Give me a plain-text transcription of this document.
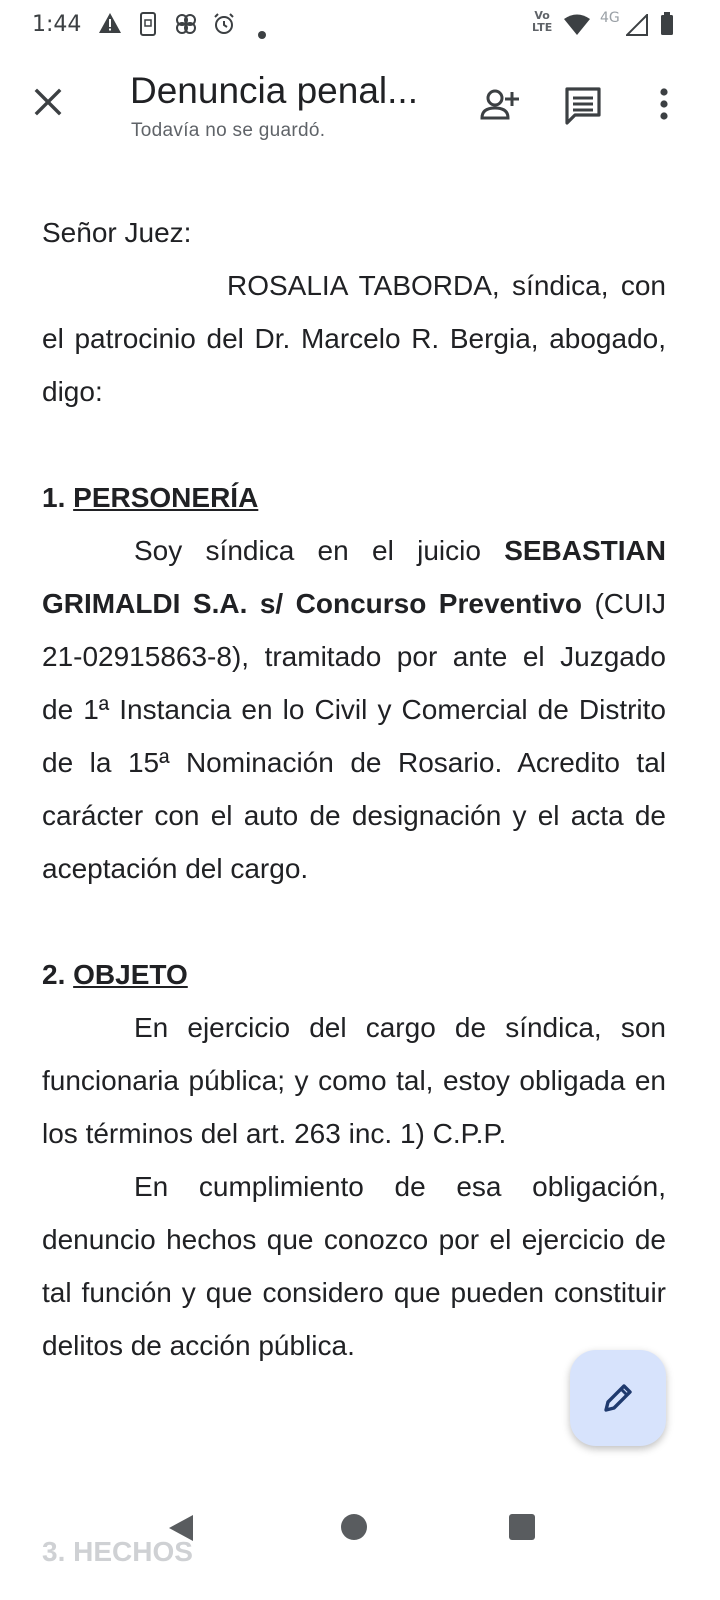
1:44	Vo
LTE
4G
Denuncia penal...
Todavía no se guardó.

Señor Juez:

ROSALIA TABORDA, síndica, con el patrocinio del Dr. Marcelo R. Bergia, abogado, digo:

1. PERSONERÍA

Soy síndica en el juicio SEBASTIAN GRIMALDI S.A. s/ Concurso Preventivo (CUIJ 21-02915863-8), tramitado por ante el Juzgado de 1ª Instancia en lo Civil y Comercial de Distrito de la 15ª Nominación de Rosario. Acredito tal carácter con el auto de designación y el acta de aceptación del cargo.

2. OBJETO

En ejercicio del cargo de síndica, son funcionaria pública; y como tal, estoy obligada en los términos del art. 263 inc. 1) C.P.P.

En cumplimiento de esa obligación, denuncio hechos que conozco por el ejercicio de tal función y que considero que pueden constituir delitos de acción pública.

3. HECHOS
